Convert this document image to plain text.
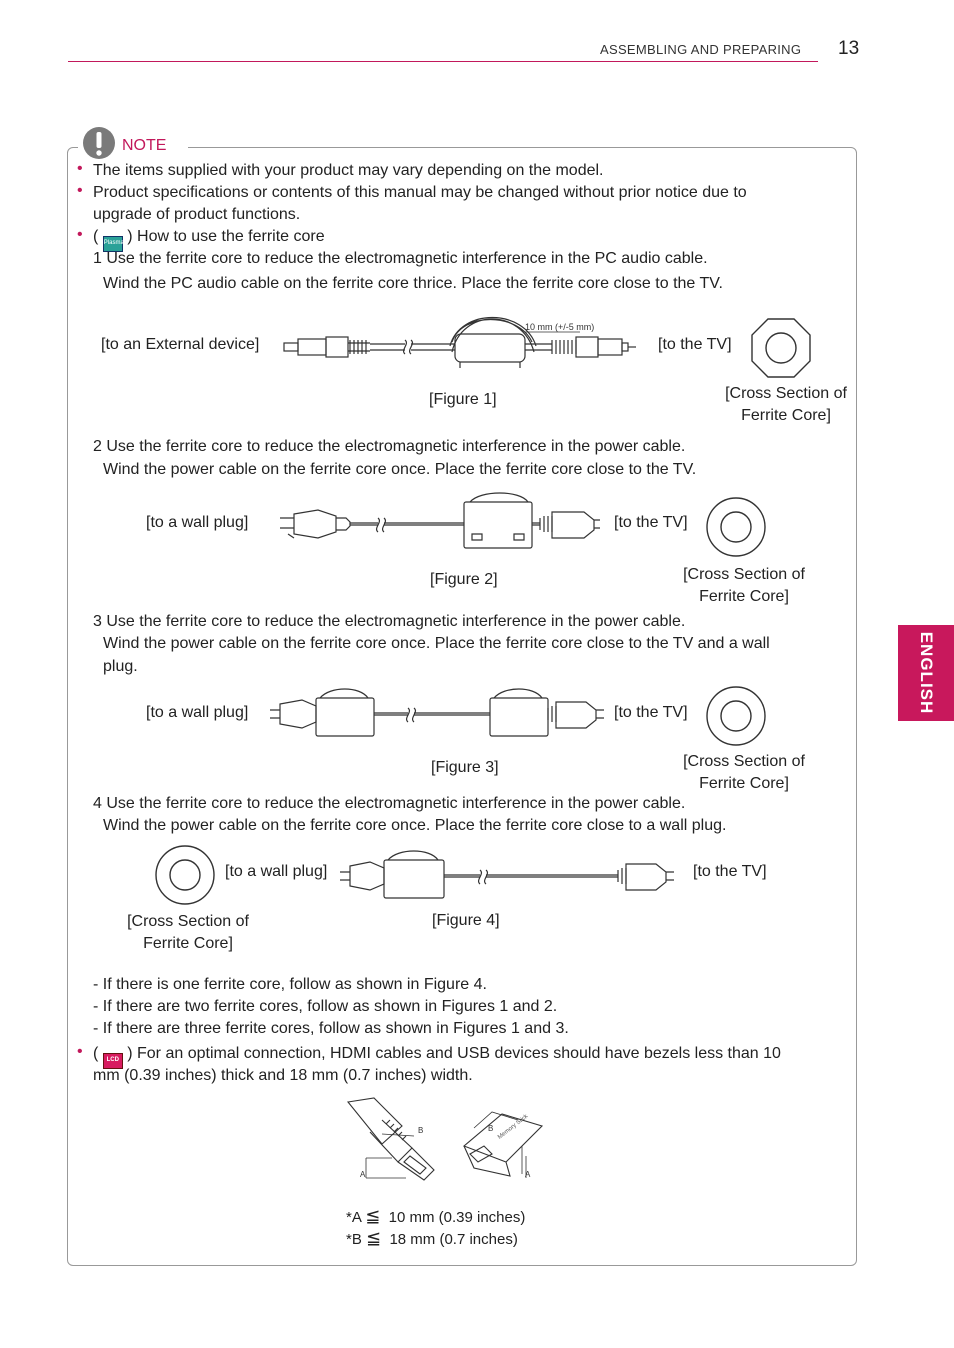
ASSEMBLING AND PREPARING 13
ENGLISH
NOTE
• The items supplied with your product may vary depending on the model.
• Product specifications or contents of this manual may be changed without prior notice due to
upgrade of product functions.
• ( Plasma ) How to use the ferrite core
1 Use the ferrite core to reduce the electromagnetic interference in the PC audio cable.
Wind the PC audio cable on the ferrite core thrice. Place the ferrite core close to the TV.
[to an External device]	[to the TV]
10 mm (+/-5 mm)
[Figure 1]	[Cross Section of Ferrite Core]
2 Use the ferrite core to reduce the electromagnetic interference in the power cable.
Wind the power cable on the ferrite core once. Place the ferrite core close to the TV.
[to a wall plug]	[to the TV]
[Figure 2]	[Cross Section of Ferrite Core]
3 Use the ferrite core to reduce the electromagnetic interference in the power cable.
Wind the power cable on the ferrite core once. Place the ferrite core close to the TV and a wall
plug.
[to a wall plug]	[to the TV]
[Figure 3]	[Cross Section of Ferrite Core]
4 Use the ferrite core to reduce the electromagnetic interference in the power cable.
Wind the power cable on the ferrite core once. Place the ferrite core close to a wall plug.
[to a wall plug]	[to the TV]
[Cross Section of Ferrite Core]
[Figure 4]
- If there is one ferrite core, follow as shown in Figure 4.
- If there are two ferrite cores, follow as shown in Figures 1 and 2.
- If there are three ferrite cores, follow as shown in Figures 1 and 3.
• ( LCD ) For an optimal connection, HDMI cables and USB devices should have bezels less than 10
mm (0.39 inches) thick and 18 mm (0.7 inches) width.
B
A
B
A
Memory Stick
*A ≦ 10 mm (0.39 inches)
*B ≦ 18 mm (0.7 inches)
